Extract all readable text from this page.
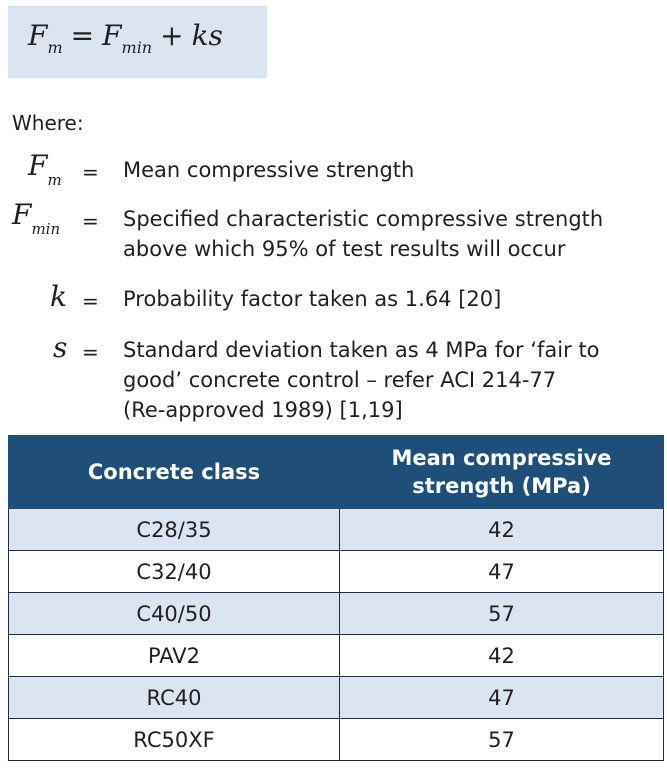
$F_m = F_{min}$ + ks
Where:
$F_m$ = Mean compressive strength
$F_{min}$ = Specified characteristic compressive strength
above which 95% of test results will occur
k = Probability factor taken as 1.64 [20]
s = Standard deviation taken as 4 MPa for ‘fair to
good’ concrete control – refer ACI 214-77
(Re-approved 1989) [1,19]
Concrete class	Mean compressive strength (MPa)
C28/35	42
C32/40	47
C40/50	57
PAV2	42
RC40	47
RC50XF	57
